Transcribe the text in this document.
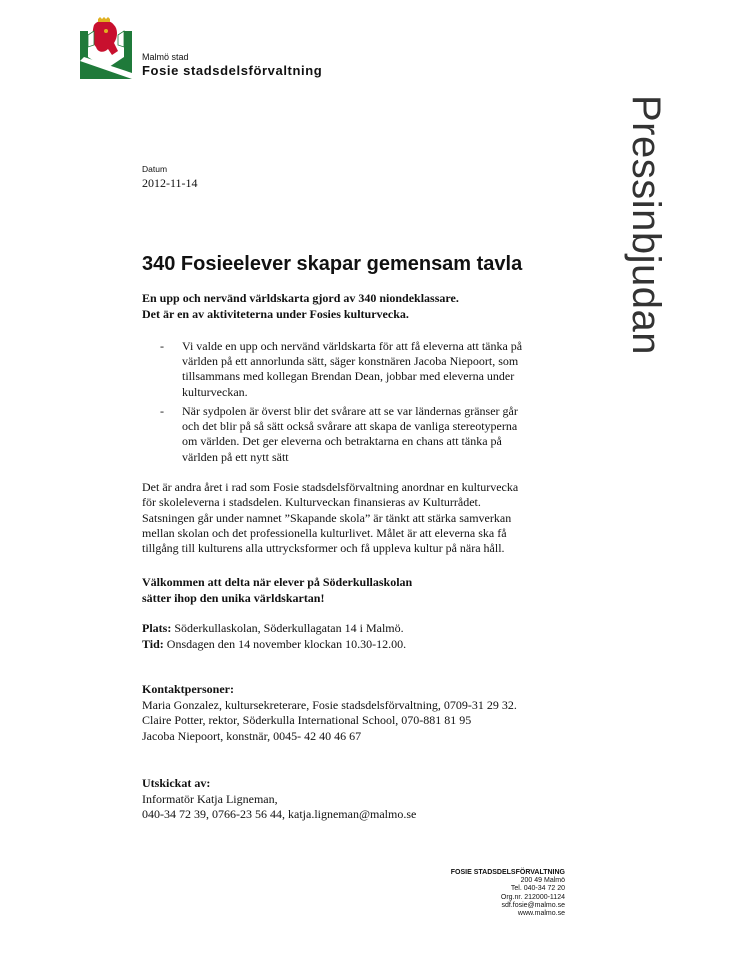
Malmö stad
Fosie stadsdelsförvaltning
Pressinbjudan
Datum
2012-11-14
340 Fosieelever skapar gemensam tavla
En upp och nervänd världskarta gjord av 340 niondeklassare.
Det är en av aktiviteterna under Fosies kulturvecka.
- Vi valde en upp och nervänd världskarta för att få eleverna att tänka på
världen på ett annorlunda sätt, säger konstnären Jacoba Niepoort, som
tillsammans med kollegan Brendan Dean, jobbar med eleverna under
kulturveckan.
- När sydpolen är överst blir det svårare att se var ländernas gränser går
och det blir på så sätt också svårare att skapa de vanliga stereotyperna
om världen. Det ger eleverna och betraktarna en chans att tänka på
världen på ett nytt sätt
Det är andra året i rad som Fosie stadsdelsförvaltning anordnar en kulturvecka
för skoleleverna i stadsdelen. Kulturveckan finansieras av Kulturrådet.
Satsningen går under namnet ”Skapande skola” är tänkt att stärka samverkan
mellan skolan och det professionella kulturlivet. Målet är att eleverna ska få
tillgång till kulturens alla uttrycksformer och få uppleva kultur på nära håll.
Välkommen att delta när elever på Söderkullaskolan
sätter ihop den unika världskartan!
Plats: Söderkullaskolan, Söderkullagatan 14 i Malmö.
Tid: Onsdagen den 14 november klockan 10.30-12.00.
Kontaktpersoner:
Maria Gonzalez, kultursekreterare, Fosie stadsdelsförvaltning, 0709-31 29 32.
Claire Potter, rektor, Söderkulla International School, 070-881 81 95
Jacoba Niepoort, konstnär, 0045- 42 40 46 67
Utskickat av:
Informatör Katja Ligneman,
040-34 72 39, 0766-23 56 44, katja.ligneman@malmo.se
FOSIE STADSDELSFÖRVALTNING
200 49 Malmö
Tel. 040-34 72 20
Org.nr. 212000-1124
sdf.fosie@malmo.se
www.malmo.se
